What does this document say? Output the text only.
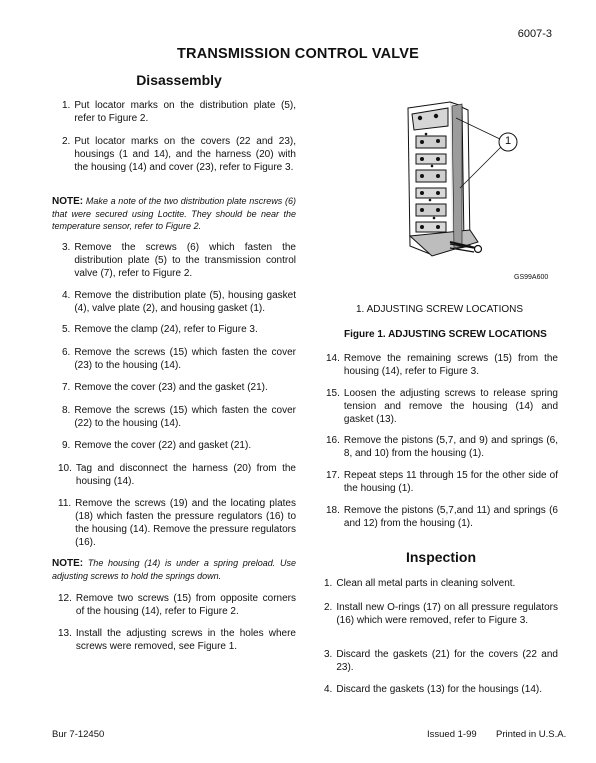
6007-3
TRANSMISSION CONTROL VALVE
Disassembly
1. Put locator marks on the distribution plate (5), refer to Figure 2.
2. Put locator marks on the covers (22 and 23), housings (1 and 14), and the harness (20) with the housing (14) and cover (23), refer to Figure 3.
NOTE: Make a note of the two distribution plate nscrews (6) that were secured using Loctite. They should be near the temperature sensor, refer to Figure 2.
3. Remove the screws (6) which fasten the distribution plate (5) to the transmission control valve (7), refer to Figure 2.
4. Remove the distribution plate (5), housing gasket (4), valve plate (2), and housing gasket (1).
5. Remove the clamp (24), refer to Figure 3.
6. Remove the screws (15) which fasten the cover (23) to the housing (14).
7. Remove the cover (23) and the gasket (21).
8. Remove the screws (15) which fasten the cover (22) to the housing (14).
9. Remove the cover (22) and gasket (21).
10. Tag and disconnect the harness (20) from the housing (14).
11. Remove the screws (19) and the locating plates (18) which fasten the pressure regulators (16) to the housing (14). Remove the pressure regulators (16).
NOTE: The housing (14) is under a spring preload. Use adjusting screws to hold the springs down.
12. Remove two screws (15) from opposite corners of the housing (14), refer to Figure 2.
13. Install the adjusting screws in the holes where screws were removed, see Figure 1.
1
GS99A600
1. ADJUSTING SCREW LOCATIONS
Figure 1. ADJUSTING SCREW LOCATIONS
14. Remove the remaining screws (15) from the housing (14), refer to Figure 3.
15. Loosen the adjusting screws to release spring tension and remove the housing (14) and gasket (13).
16. Remove the pistons (5,7, and 9) and springs (6, 8, and 10) from the housing (1).
17. Repeat steps 11 through 15 for the other side of the housing (1).
18. Remove the pistons (5,7,and 11) and springs (6 and 12) from the housing (1).
Inspection
1. Clean all metal parts in cleaning solvent.
2. Install new O-rings (17) on all pressure regulators (16) which were removed, refer to Figure 3.
3. Discard the gaskets (21) for the covers (22 and 23).
4. Discard the gaskets (13) for the housings (14).
Bur 7-12450	Issued 1-99 Printed in U.S.A.
